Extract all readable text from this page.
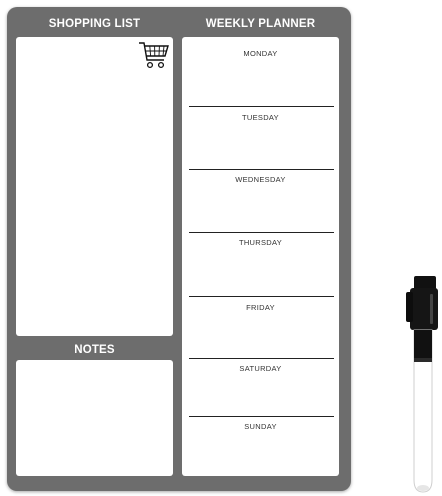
SHOPPING LIST	WEEKLY PLANNER
NOTES
MONDAY
TUESDAY
WEDNESDAY
THURSDAY
FRIDAY
SATURDAY
SUNDAY
